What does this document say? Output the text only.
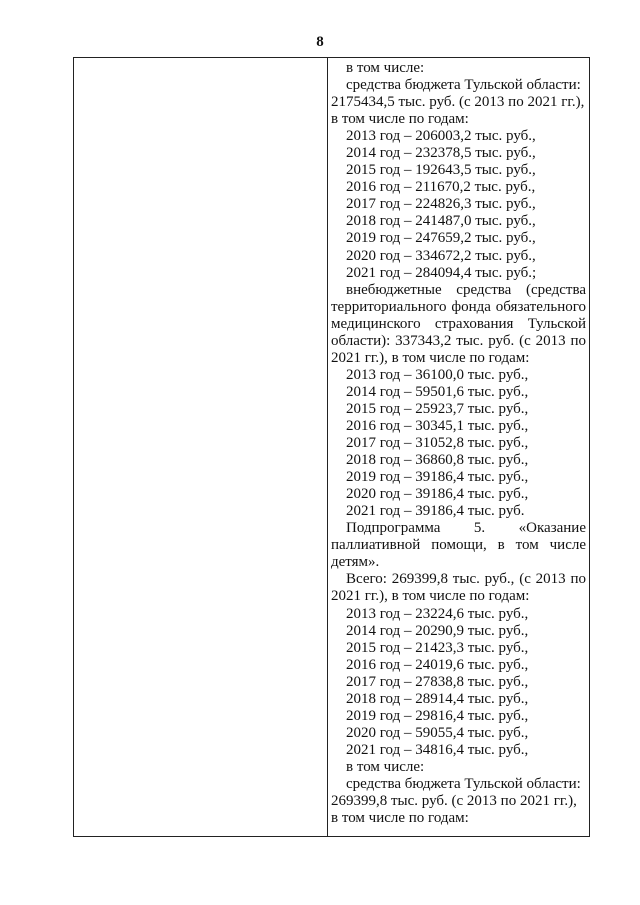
8
в том числе:
средства бюджета Тульской области:
2175434,5 тыс. руб. (с 2013 по 2021 гг.),
в том числе по годам:
2013 год – 206003,2 тыс. руб.,
2014 год – 232378,5 тыс. руб.,
2015 год – 192643,5 тыс. руб.,
2016 год – 211670,2 тыс. руб.,
2017 год – 224826,3 тыс. руб.,
2018 год – 241487,0 тыс. руб.,
2019 год – 247659,2 тыс. руб.,
2020 год – 334672,2 тыс. руб.,
2021 год – 284094,4 тыс. руб.;
внебюджетные средства (средства
территориального фонда обязательного
медицинского страхования Тульской
области): 337343,2 тыс. руб. (с 2013 по
2021 гг.), в том числе по годам:
2013 год – 36100,0 тыс. руб.,
2014 год – 59501,6 тыс. руб.,
2015 год – 25923,7 тыс. руб.,
2016 год – 30345,1 тыс. руб.,
2017 год – 31052,8 тыс. руб.,
2018 год – 36860,8 тыс. руб.,
2019 год – 39186,4 тыс. руб.,
2020 год – 39186,4 тыс. руб.,
2021 год – 39186,4 тыс. руб.
Подпрограмма 5. «Оказание
паллиативной помощи, в том числе
детям».
Всего: 269399,8 тыс. руб., (с 2013 по
2021 гг.), в том числе по годам:
2013 год – 23224,6 тыс. руб.,
2014 год – 20290,9 тыс. руб.,
2015 год – 21423,3 тыс. руб.,
2016 год – 24019,6 тыс. руб.,
2017 год – 27838,8 тыс. руб.,
2018 год – 28914,4 тыс. руб.,
2019 год – 29816,4 тыс. руб.,
2020 год – 59055,4 тыс. руб.,
2021 год – 34816,4 тыс. руб.,
в том числе:
средства бюджета Тульской области:
269399,8 тыс. руб. (с 2013 по 2021 гг.),
в том числе по годам:
